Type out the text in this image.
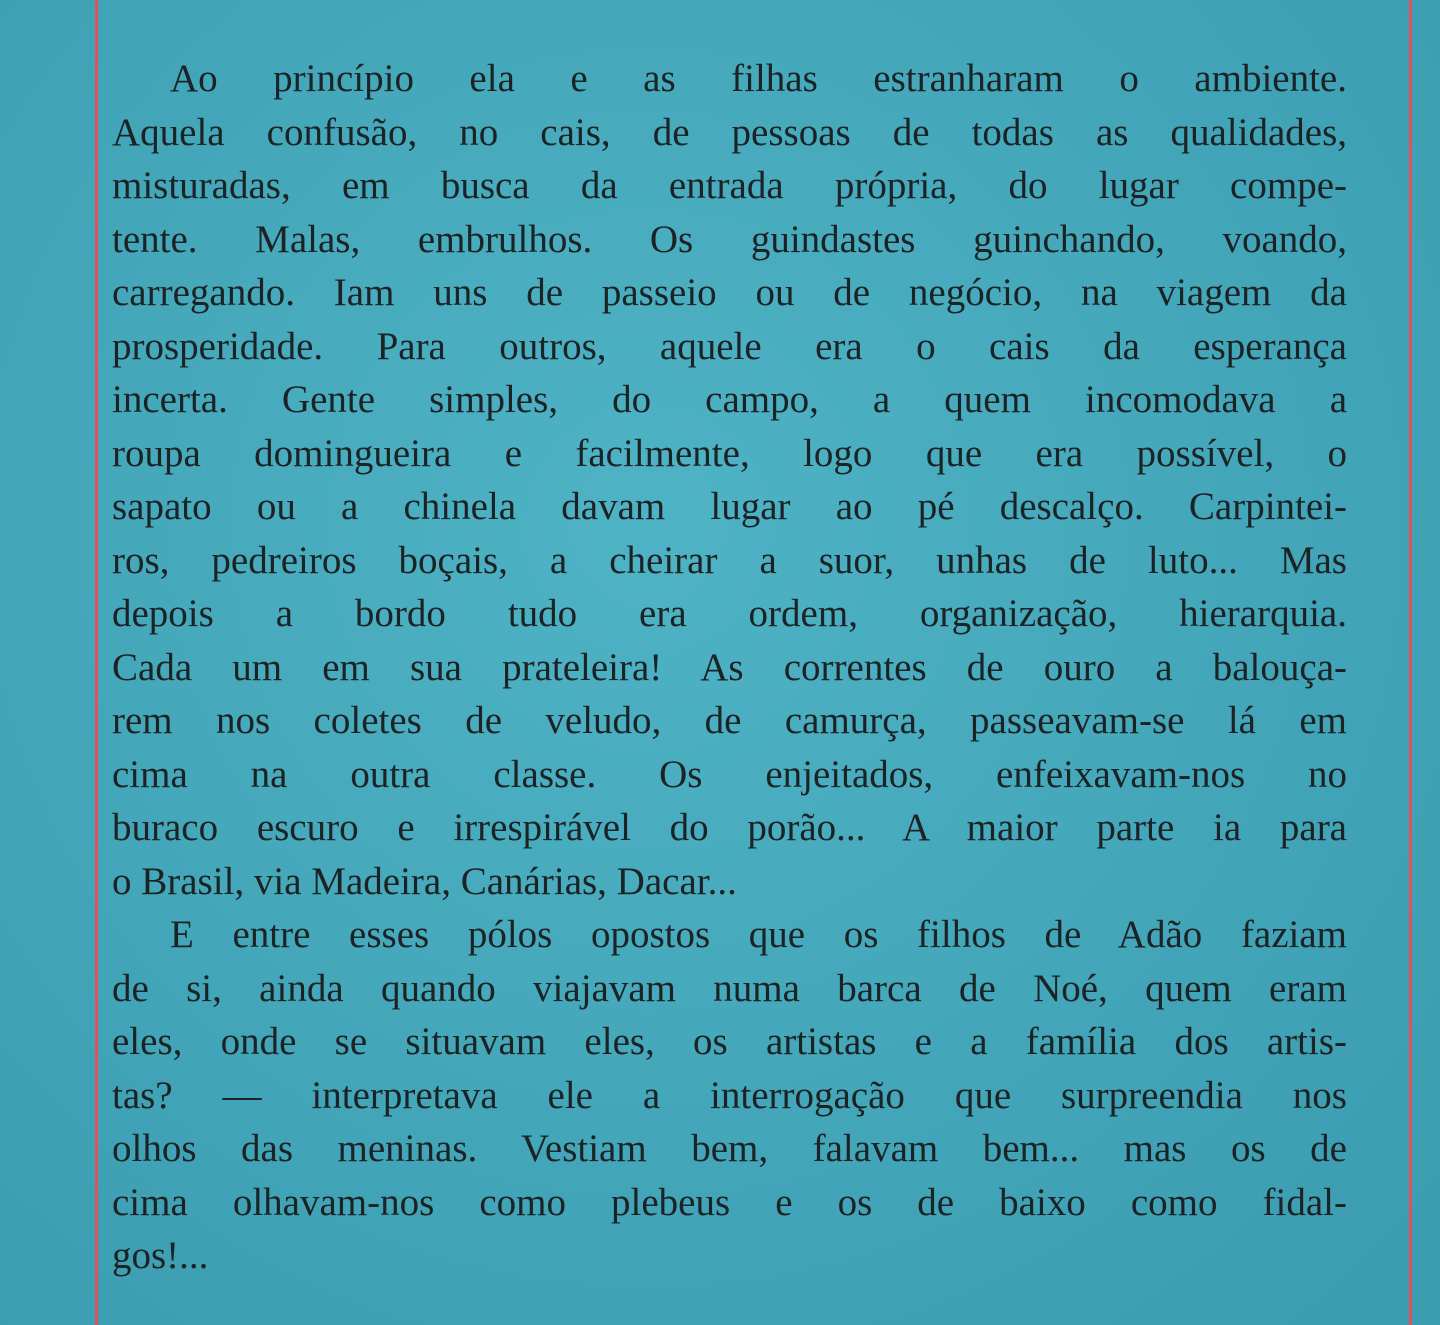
Ao princípio ela e as filhas estranharam o ambiente.
Aquela confusão, no cais, de pessoas de todas as qualidades,
misturadas, em busca da entrada própria, do lugar compe-
tente. Malas, embrulhos. Os guindastes guinchando, voando,
carregando. Iam uns de passeio ou de negócio, na viagem da
prosperidade. Para outros, aquele era o cais da esperança
incerta. Gente simples, do campo, a quem incomodava a
roupa domingueira e facilmente, logo que era possível, o
sapato ou a chinela davam lugar ao pé descalço. Carpintei-
ros, pedreiros boçais, a cheirar a suor, unhas de luto... Mas
depois a bordo tudo era ordem, organização, hierarquia.
Cada um em sua prateleira! As correntes de ouro a balouça-
rem nos coletes de veludo, de camurça, passeavam-se lá em
cima na outra classe. Os enjeitados, enfeixavam-nos no
buraco escuro e irrespirável do porão... A maior parte ia para
o Brasil, via Madeira, Canárias, Dacar...
E entre esses pólos opostos que os filhos de Adão faziam
de si, ainda quando viajavam numa barca de Noé, quem eram
eles, onde se situavam eles, os artistas e a família dos artis-
tas? — interpretava ele a interrogação que surpreendia nos
olhos das meninas. Vestiam bem, falavam bem... mas os de
cima olhavam-nos como plebeus e os de baixo como fidal-
gos!...
